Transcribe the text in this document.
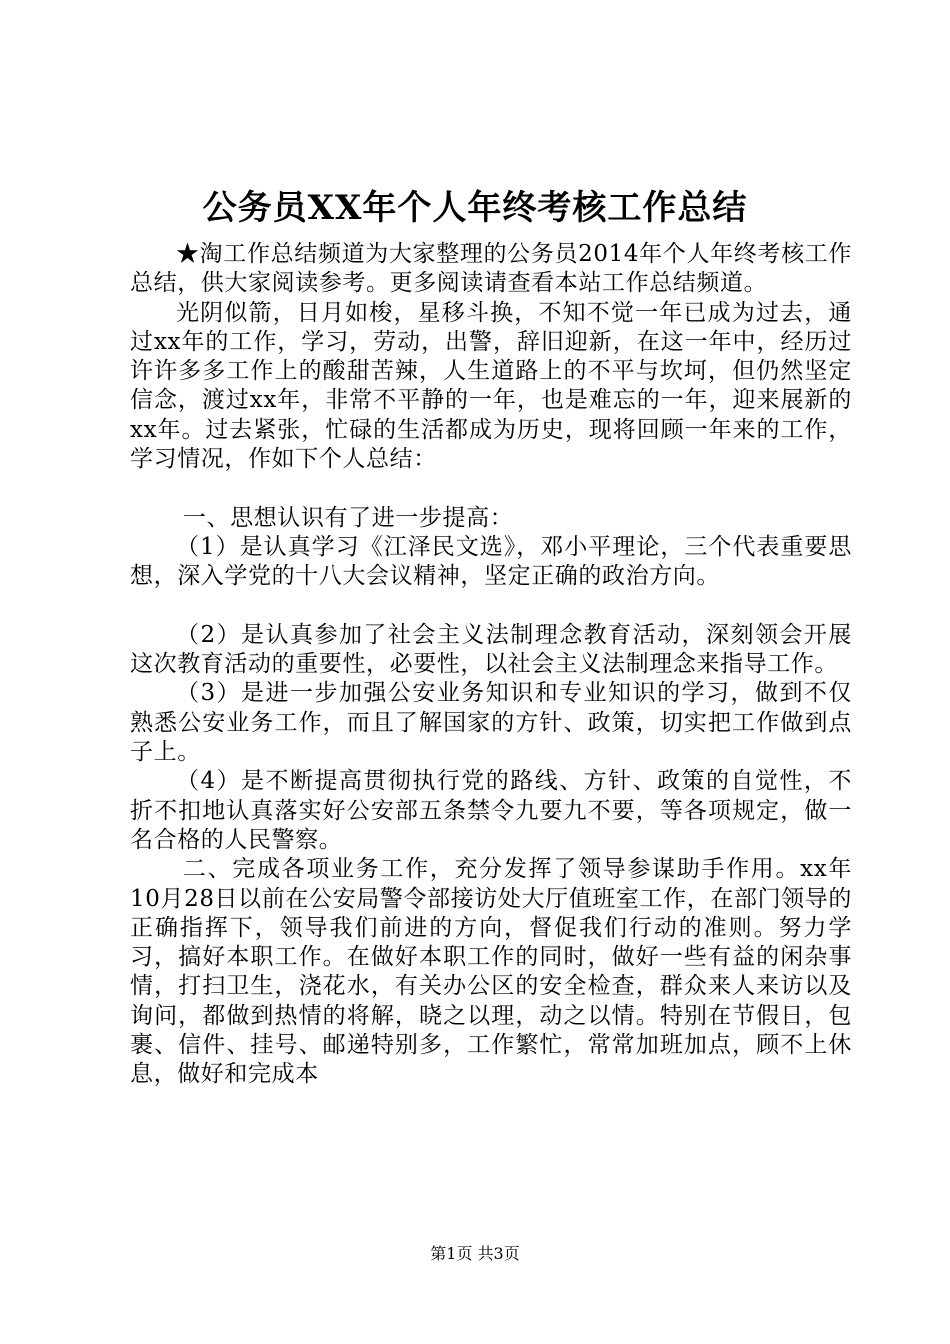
公务员XX年个人年终考核工作总结

★淘工作总结频道为大家整理的公务员2014年个人年终考核工作总结，供大家阅读参考。更多阅读请查看本站工作总结频道。

光阴似箭，日月如梭，星移斗换，不知不觉一年已成为过去，通过xx年的工作，学习，劳动，出警，辞旧迎新，在这一年中，经历过许许多多工作上的酸甜苦辣，人生道路上的不平与坎坷，但仍然坚定信念，渡过xx年，非常不平静的一年，也是难忘的一年，迎来展新的xx年。过去紧张，忙碌的生活都成为历史，现将回顾一年来的工作，学习情况，作如下个人总结：

一、思想认识有了进一步提高：

（1）是认真学习《江泽民文选》，邓小平理论，三个代表重要思想，深入学党的十八大会议精神，坚定正确的政治方向。

（2）是认真参加了社会主义法制理念教育活动，深刻领会开展这次教育活动的重要性，必要性，以社会主义法制理念来指导工作。

（3）是进一步加强公安业务知识和专业知识的学习，做到不仅熟悉公安业务工作，而且了解国家的方针、政策，切实把工作做到点子上。

（4）是不断提高贯彻执行党的路线、方针、政策的自觉性，不折不扣地认真落实好公安部五条禁令九要九不要，等各项规定，做一名合格的人民警察。

二、完成各项业务工作，充分发挥了领导参谋助手作用。xx年10月28日以前在公安局警令部接访处大厅值班室工作，在部门领导的正确指挥下，领导我们前进的方向，督促我们行动的准则。努力学习，搞好本职工作。在做好本职工作的同时，做好一些有益的闲杂事情，打扫卫生，浇花水，有关办公区的安全检查，群众来人来访以及询问，都做到热情的将解，晓之以理，动之以情。特别在节假日，包裹、信件、挂号、邮递特别多，工作繁忙，常常加班加点，顾不上休息，做好和完成本

第1页 共3页
